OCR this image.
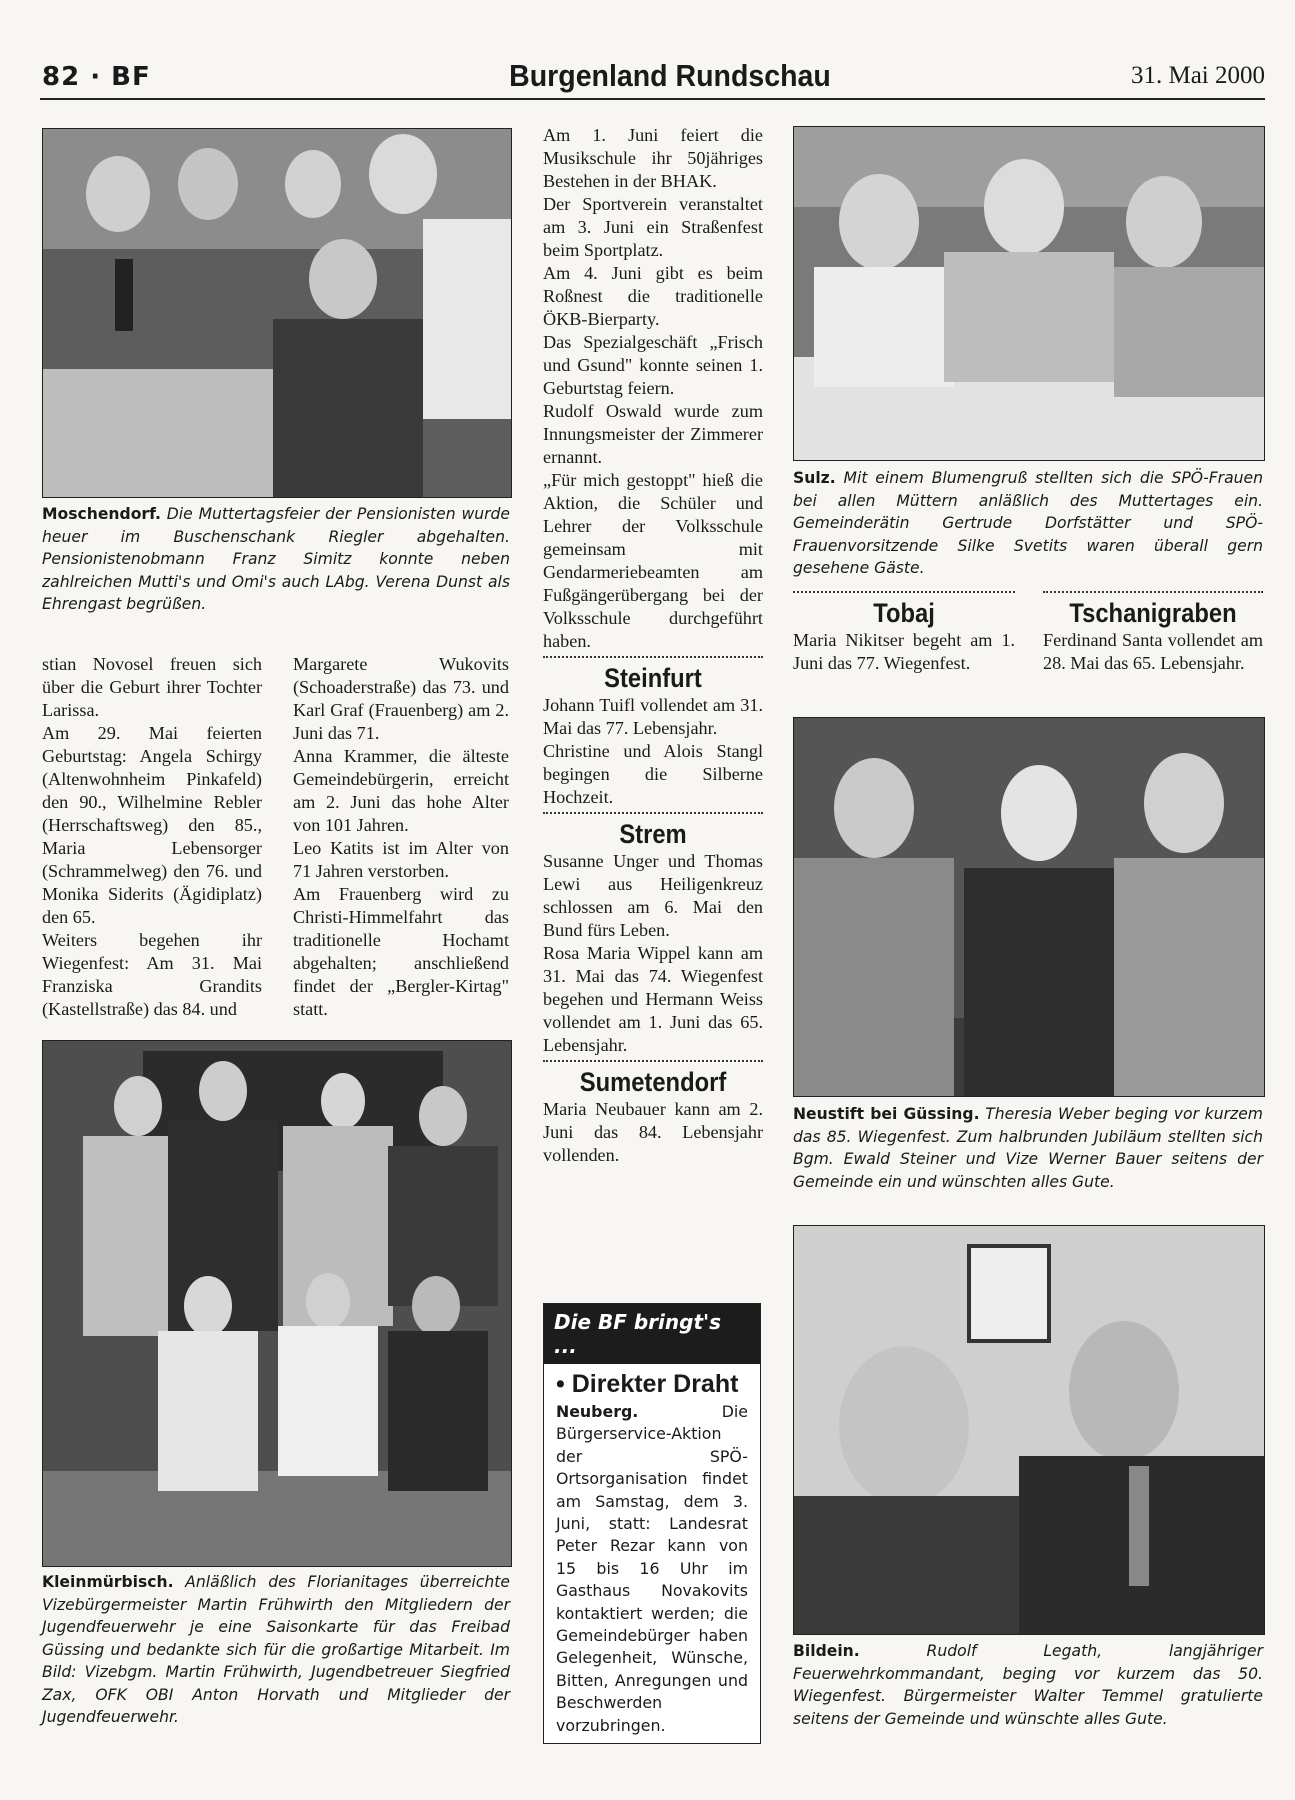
82 · BF	Burgenland Rundschau	31. Mai 2000
Moschendorf. Die Muttertagsfeier der Pensionisten wurde heuer im Buschenschank Riegler abgehalten. Pensionistenobmann Franz Simitz konnte neben zahlreichen Mutti's und Omi's auch LAbg. Verena Dunst als Ehrengast begrüßen.

stian Novosel freuen sich über die Geburt ihrer Tochter Larissa.

Am 29. Mai feierten Geburtstag: Angela Schirgy (Altenwohnheim Pinkafeld) den 90., Wilhelmine Rebler (Herrschaftsweg) den 85., Maria Lebensorger (Schrammelweg) den 76. und Monika Siderits (Ägidiplatz) den 65.

Weiters begehen ihr Wiegenfest: Am 31. Mai Franziska Grandits (Kastellstraße) das 84. und

Margarete Wukovits (Schoaderstraße) das 73. und Karl Graf (Frauenberg) am 2. Juni das 71.

Anna Krammer, die älteste Gemeindebürgerin, erreicht am 2. Juni das hohe Alter von 101 Jahren.

Leo Katits ist im Alter von 71 Jahren verstorben.

Am Frauenberg wird zu Christi-Himmelfahrt das traditionelle Hochamt abgehalten; anschließend findet der „Bergler-Kirtag" statt.

Kleinmürbisch. Anläßlich des Florianitages überreichte Vizebürgermeister Martin Frühwirth den Mitgliedern der Jugendfeuerwehr je eine Saisonkarte für das Freibad Güssing und bedankte sich für die großartige Mitarbeit. Im Bild: Vizebgm. Martin Frühwirth, Jugendbetreuer Siegfried Zax, OFK OBI Anton Horvath und Mitglieder der Jugendfeuerwehr.

Am 1. Juni feiert die Musikschule ihr 50jähriges Bestehen in der BHAK.

Der Sportverein veranstaltet am 3. Juni ein Straßenfest beim Sportplatz.

Am 4. Juni gibt es beim Roßnest die traditionelle ÖKB-Bierparty.

Das Spezialgeschäft „Frisch und Gsund" konnte seinen 1. Geburtstag feiern.

Rudolf Oswald wurde zum Innungsmeister der Zimmerer ernannt.

„Für mich gestoppt" hieß die Aktion, die Schüler und Lehrer der Volksschule gemeinsam mit Gendarmeriebeamten am Fußgängerübergang bei der Volksschule durchgeführt haben.

Steinfurt

Johann Tuifl vollendet am 31. Mai das 77. Lebensjahr.

Christine und Alois Stangl begingen die Silberne Hochzeit.

Strem

Susanne Unger und Thomas Lewi aus Heiligenkreuz schlossen am 6. Mai den Bund fürs Leben.

Rosa Maria Wippel kann am 31. Mai das 74. Wiegenfest begehen und Hermann Weiss vollendet am 1. Juni das 65. Lebensjahr.

Sumetendorf

Maria Neubauer kann am 2. Juni das 84. Lebensjahr vollenden.

Die BF bringt's ...
• Direkter Draht
Neuberg. Die Bürgerservice-Aktion der SPÖ-Ortsorganisation findet am Samstag, dem 3. Juni, statt: Landesrat Peter Rezar kann von 15 bis 16 Uhr im Gasthaus Novakovits kontaktiert werden; die Gemeindebürger haben Gelegenheit, Wünsche, Bitten, Anregungen und Beschwerden vorzubringen.
Sulz. Mit einem Blumengruß stellten sich die SPÖ-Frauen bei allen Müttern anläßlich des Muttertages ein. Gemeinderätin Gertrude Dorfstätter und SPÖ-Frauenvorsitzende Silke Svetits waren überall gern gesehene Gäste.
Tobaj

Maria Nikitser begeht am 1. Juni das 77. Wiegenfest.

Tschanigraben

Ferdinand Santa vollendet am 28. Mai das 65. Lebensjahr.

Neustift bei Güssing. Theresia Weber beging vor kurzem das 85. Wiegenfest. Zum halbrunden Jubiläum stellten sich Bgm. Ewald Steiner und Vize Werner Bauer seitens der Gemeinde ein und wünschten alles Gute.
Bildein. Rudolf Legath, langjähriger Feuerwehrkommandant, beging vor kurzem das 50. Wiegenfest. Bürgermeister Walter Temmel gratulierte seitens der Gemeinde und wünschte alles Gute.
